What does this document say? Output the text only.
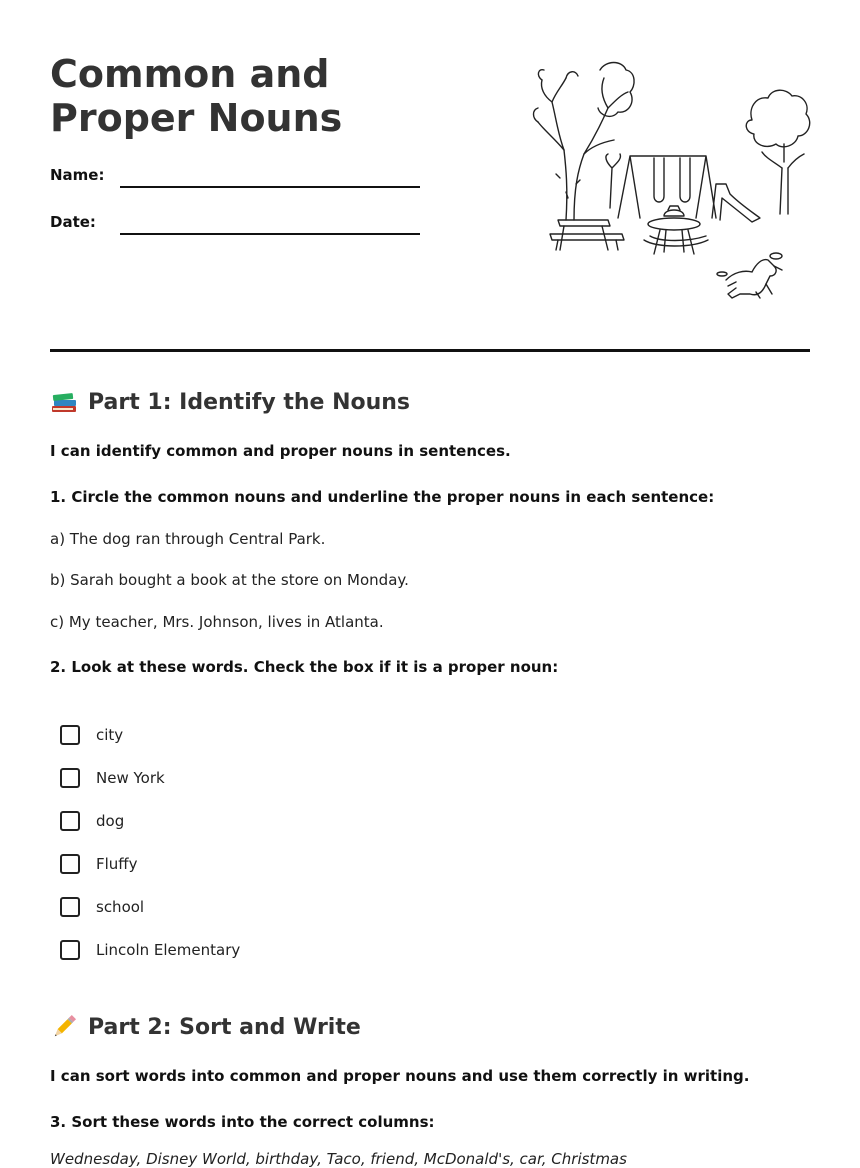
Common and Proper Nouns
Name:
Date:
Part 1: Identify the Nouns

I can identify common and proper nouns in sentences.

1. Circle the common nouns and underline the proper nouns in each sentence:

a) The dog ran through Central Park.

b) Sarah bought a book at the store on Monday.

c) My teacher, Mrs. Johnson, lives in Atlanta.

2. Look at these words. Check the box if it is a proper noun:

city
New York
dog
Fluffy
school
Lincoln Elementary
Part 2: Sort and Write

I can sort words into common and proper nouns and use them correctly in writing.

3. Sort these words into the correct columns:

Wednesday, Disney World, birthday, Taco, friend, McDonald's, car, Christmas
